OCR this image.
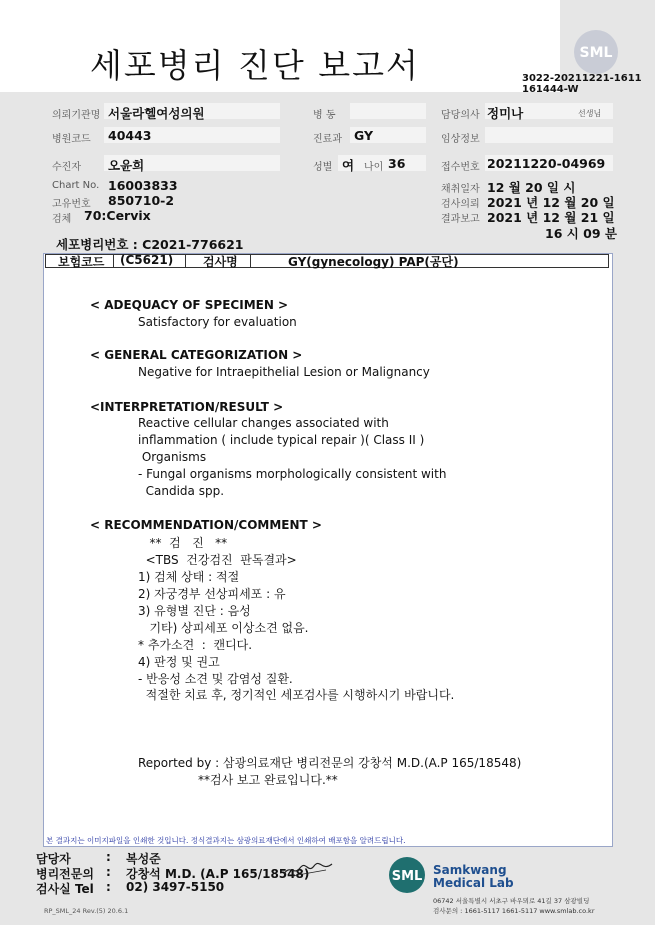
세포병리 진단 보고서	SML
3022-20211221-1611
161444-W
의뢰기관명 서울라헬여성의원	병 동	담당의사 정미나	선생님
병원코드 40443	진료과 GY	임상정보
수진자 오윤희	성별 여 나이 36	접수번호 20211220-04969
Chart No. 16003833	채취일자 12 월 20 일 시
고유번호 850710-2	검사의뢰 2021 년 12 월 20 일
검체 70:Cervix	결과보고 2021 년 12 월 21 일
16 시 09 분
세포병리번호 : C2021-776621
보험코드 (C5621) 검사명	GY(gynecology) PAP(공단)
< ADEQUACY OF SPECIMEN >
Satisfactory for evaluation
< GENERAL CATEGORIZATION >
Negative for Intraepithelial Lesion or Malignancy
<INTERPRETATION/RESULT >
Reactive cellular changes associated with
inflammation ( include typical repair )( Class II )
Organisms
- Fungal organisms morphologically consistent with
Candida spp.
< RECOMMENDATION/COMMENT >
**  검   진   **
<TBS  건강검진  판독결과>
1) 검체 상태 : 적절
2) 자궁경부 선상피세포 : 유
3) 유형별 진단 : 음성
기타) 상피세포 이상소견 없음.
* 추가소견  :  캔디다.
4) 판정 및 권고
- 반응성 소견 및 감염성 질환.
적절한 치료 후, 정기적인 세포검사를 시행하시기 바랍니다.
Reported by : 삼광의료재단 병리전문의 강창석 M.D.(A.P 165/18548)
**검사 보고 완료입니다.**
본 결과지는 이미지파일을 인쇄한 것입니다. 정식결과지는 삼광의료재단에서 인쇄하여 배포함을 알려드립니다.
담당자	: 복성준
병리전문의 : 강창석 M.D. (A.P 165/18548)
검사실 Tel : 02) 3497-5150
RP_SML_24 Rev.(5) 20.6.1
SML Samkwang
Medical Lab
06742 서울특별시 서초구 바우뫼로 41길 37 삼광빌딩
검사문의 : 1661-5117 1661-5117 www.smlab.co.kr
